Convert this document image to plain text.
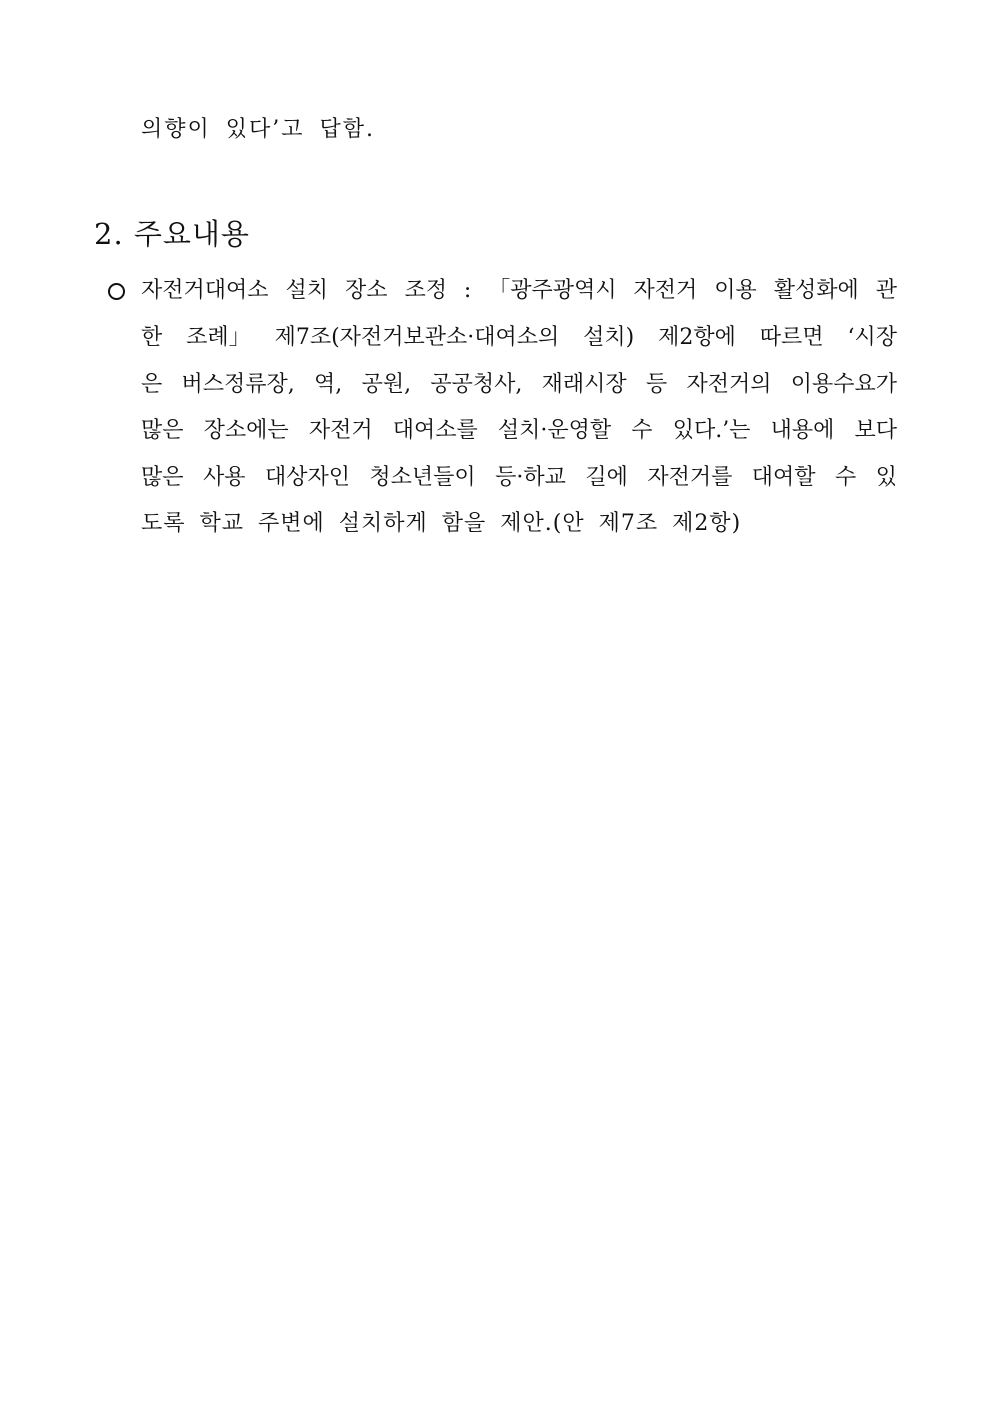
의향이 있다’고 답함.
2. 주요내용
자전거대여소 설치 장소 조정 : 「광주광역시 자전거 이용 활성화에 관
한 조례」 제7조(자전거보관소·대여소의 설치) 제2항에 따르면 ‘시장
은 버스정류장, 역, 공원, 공공청사, 재래시장 등 자전거의 이용수요가
많은 장소에는 자전거 대여소를 설치·운영할 수 있다.’는 내용에 보다
많은 사용 대상자인 청소년들이 등·하교 길에 자전거를 대여할 수 있
도록 학교 주변에 설치하게 함을 제안.(안 제7조 제2항)
